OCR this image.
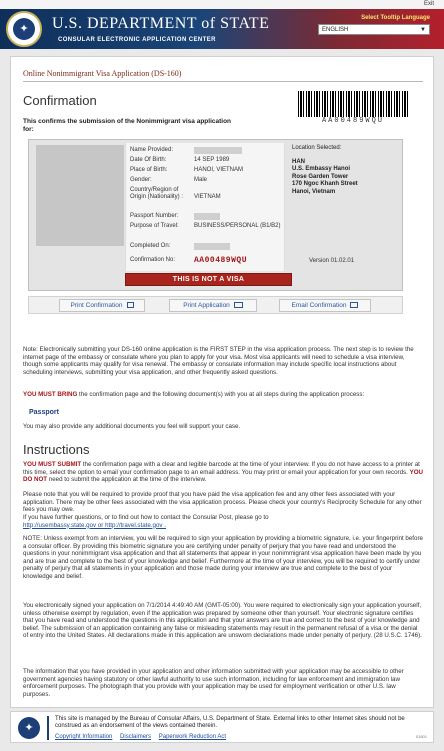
Exit
✦	U.S. DEPARTMENT of STATE
CONSULAR ELECTRONIC APPLICATION CENTER
Select Tooltip Language
ENGLISH	▼
Online Nonimmigrant Visa Application (DS-160)
Confirmation
AA00489WQU
This confirms the submission of the Nonimmigrant visa application for:
Name Provided:
Date Of Birth:	14 SEP 1989
Place of Birth:	HANOI, VIETNAM
Gender:	Male
Country/Region of Origin (Nationality) :	VIETNAM
Passport Number:
Purpose of Travel:	BUSINESS/PERSONAL (B1/B2)
Completed On:
Confirmation No:	AA00489WQU
Location Selected:
HAN
U.S. Embassy Hanoi
Rose Garden Tower
170 Ngoc Khanh Street
Hanoi, Vietnam
Version 01.02.01
THIS IS NOT A VISA
Print Confirmation	Print Application	Email Confirmation
Note: Electronically submitting your DS-160 online application is the FIRST STEP in the visa application process. The next step is to review the internet page of the embassy or consulate where you plan to apply for your visa. Most visa applicants will need to schedule a visa interview, though some applicants may qualify for visa renewal. The embassy or consulate information may include specific local instructions about scheduling interviews, submitting your visa application, and other frequently asked questions.
YOU MUST BRING the confirmation page and the following document(s) with you at all steps during the application process:
Passport
You may also provide any additional documents you feel will support your case.
Instructions
YOU MUST SUBMIT the confirmation page with a clear and legible barcode at the time of your interview. If you do not have access to a printer at this time, select the option to email your confirmation page to an email address. You may print or email your application for your own records. YOU DO NOT need to submit the application at the time of the interview.
Please note that you will be required to provide proof that you have paid the visa application fee and any other fees associated with your application. There may be other fees associated with the visa application process. Please check your country's Reciprocity Schedule for any other fees you may owe.
If you have further questions, or to find out how to contact the Consular Post, please go to
http://usembassy.state.gov or http://travel.state.gov .
NOTE: Unless exempt from an interview, you will be required to sign your application by providing a biometric signature, i.e. your fingerprint before a consular officer. By providing this biometric signature you are certifying under penalty of perjury that you have read and understood the questions in your nonimmigrant visa application and that all statements that appear in your nonimmigrant visa application have been made by you and are true and complete to the best of your knowledge and belief. Furthermore at the time of your interview, you will be required to certify under penalty of perjury that all statements in your application and those made during your interview are true and complete to the best of your knowledge and belief.
You electronically signed your application on 7/1/2014 4:49:40 AM (GMT-05:00). You were required to electronically sign your application yourself, unless otherwise exempt by regulation, even if the application was prepared by someone other than yourself. Your electronic signature certifies that you have read and understood the questions in this application and that your answers are true and correct to the best of your knowledge and belief. The submission of an application containing any false or misleading statements may result in the permanent refusal of a visa or the denial of entry into the United States. All declarations made in this application are unsworn declarations made under penalty of perjury. (28 U.S.C. 1746).
The information that you have provided in your application and other information submitted with your application may be accessible to other government agencies having statutory or other lawful authority to use such information, including for law enforcement and immigration law enforcement purposes. The photograph that you provide with your application may be used for employment verification or other U.S. law purposes.
✦
This site is managed by the Bureau of Consular Affairs, U.S. Department of State. External links to other Internet sites should not be construed as an endorsement of the views contained therein.
Copyright Information Disclaimers Paperwork Reduction Act	01601
